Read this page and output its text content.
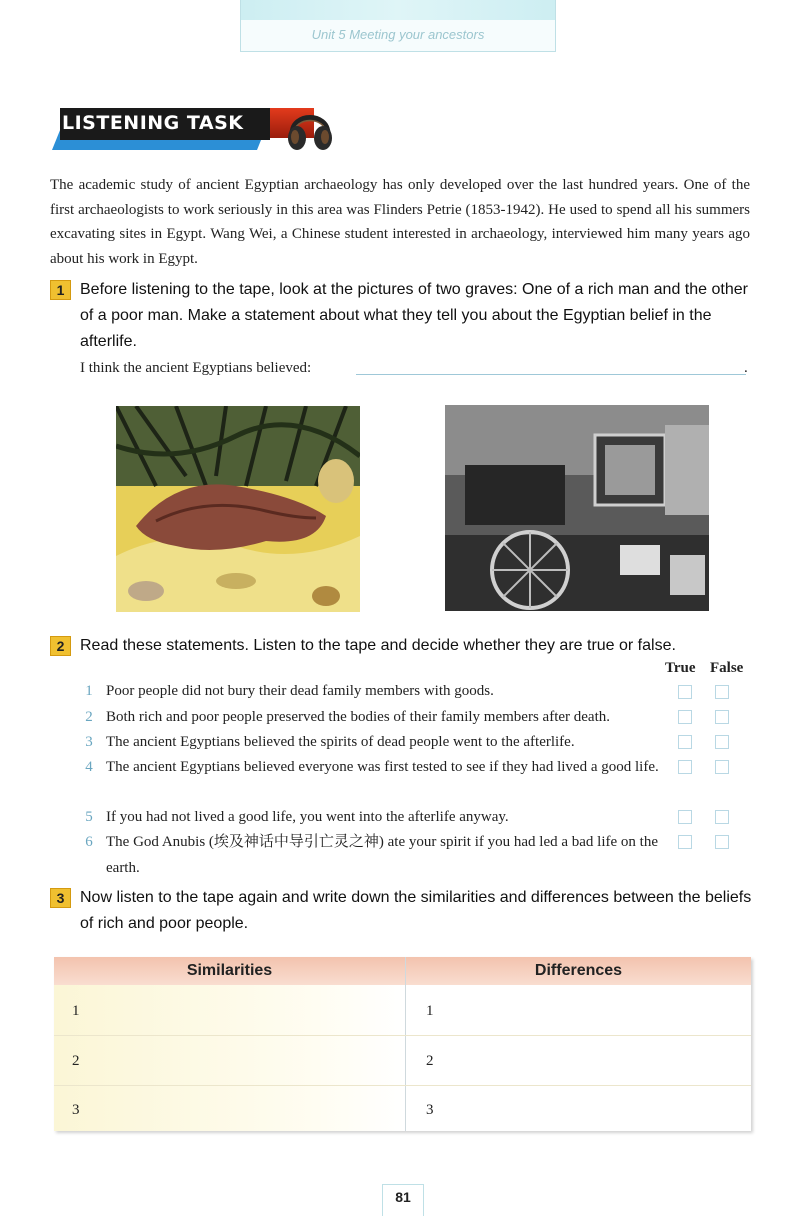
Unit 5 Meeting your ancestors
LISTENING TASK
The academic study of ancient Egyptian archaeology has only developed over the last hundred years. One of the first archaeologists to work seriously in this area was Flinders Petrie (1853-1942). He used to spend all his summers excavating sites in Egypt. Wang Wei, a Chinese student interested in archaeology, interviewed him many years ago about his work in Egypt.
1 Before listening to the tape, look at the pictures of two graves: One of a rich man and the other of a poor man. Make a statement about what they tell you about the Egyptian belief in the afterlife.
I think the ancient Egyptians believed:	.
2 Read these statements. Listen to the tape and decide whether they are true or false.
True False
1 Poor people did not bury their dead family members with goods.
2 Both rich and poor people preserved the bodies of their family members after death.
3 The ancient Egyptians believed the spirits of dead people went to the afterlife.
4 The ancient Egyptians believed everyone was first tested to see if they had lived a good life.
5 If you had not lived a good life, you went into the afterlife anyway.
6 The God Anubis (埃及神话中导引亡灵之神) ate your spirit if you had led a bad life on the earth.
3 Now listen to the tape again and write down the similarities and differences between the beliefs of rich and poor people.
Similarities	Differences
1
2
3
1
2
3
81
